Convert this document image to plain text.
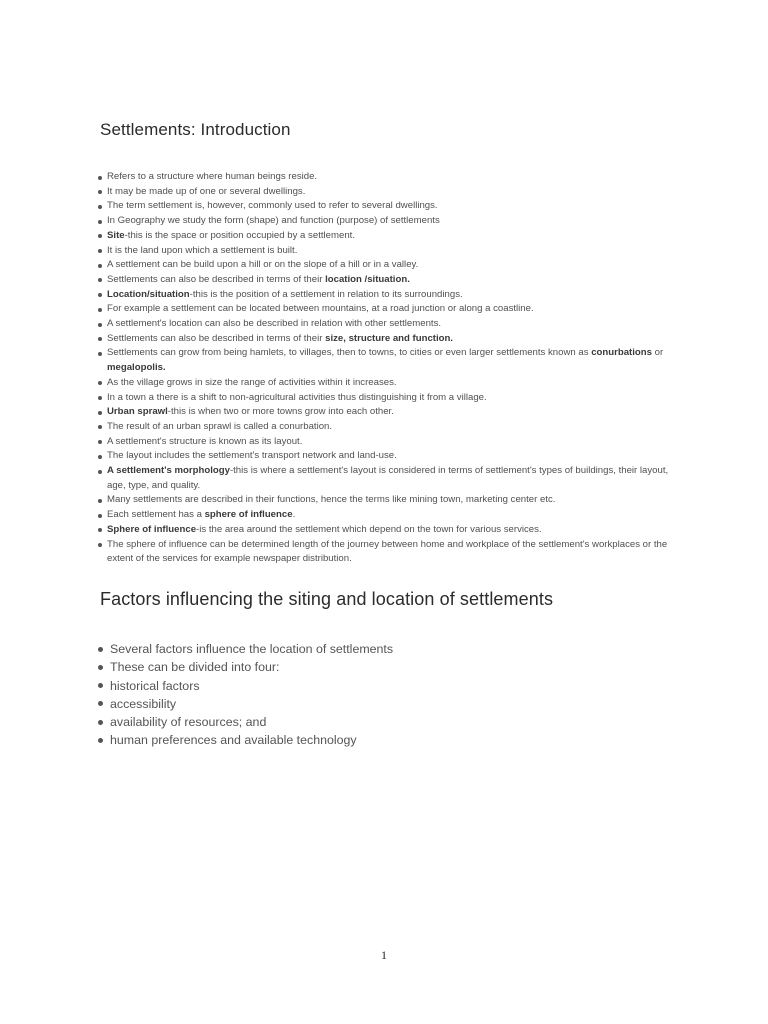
Settlements: Introduction
Refers to a structure where human beings reside.
It may be made up of one or several dwellings.
The term settlement is, however, commonly used to refer to several dwellings.
In Geography we study the form (shape) and function (purpose) of settlements
Site-this is the space or position occupied by a settlement.
It is the land upon which a settlement is built.
A settlement can be build upon a hill or on the slope of a hill or in a valley.
Settlements can also be described in terms of their location /situation.
Location/situation-this is the position of a settlement in relation to its surroundings.
For example a settlement can be located between mountains, at a road junction or along a coastline.
A settlement's location can also be described in relation with other settlements.
Settlements can also be described in terms of their size, structure and function.
Settlements can grow from being hamlets, to villages, then to towns, to cities or even larger settlements known as conurbations or megalopolis.
As the village grows in size the range of activities within it increases.
In a town a there is a shift to non-agricultural activities thus distinguishing it from a village.
Urban sprawl-this is when two or more towns grow into each other.
The result of an urban sprawl is called a conurbation.
A settlement's structure is known as its layout.
The layout includes the settlement's transport network and land-use.
A settlement's morphology-this is where a settlement's layout is considered in terms of settlement's types of buildings, their layout, age, type, and quality.
Many settlements are described in their functions, hence the terms like mining town, marketing center etc.
Each settlement has a sphere of influence.
Sphere of influence-is the area around the settlement which depend on the town for various services.
The sphere of influence can be determined length of the journey between home and workplace of the settlement's workplaces or the extent of the services for example newspaper distribution.
Factors influencing the siting and location of settlements
Several factors influence the location of settlements
These can be divided into four:
historical factors
accessibility
availability of resources; and
human preferences and available technology
1
